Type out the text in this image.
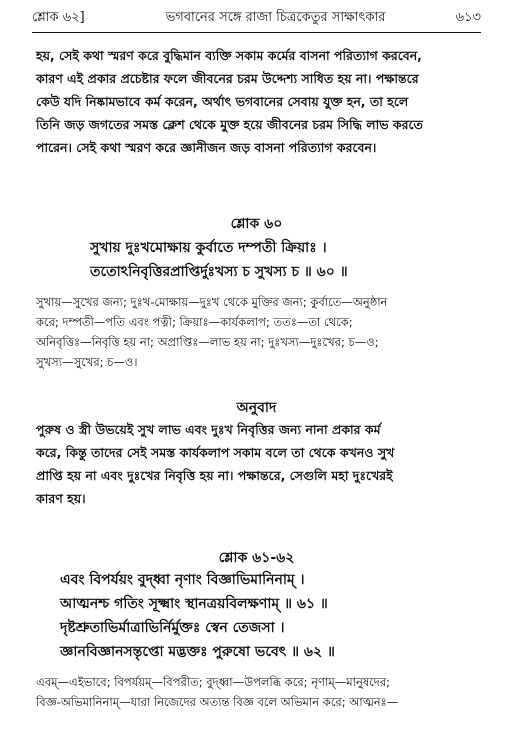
শ্লোক ৬২]	ভগবানের সঙ্গে রাজা চিত্রকেতুর সাক্ষাৎকার	৬১৩

হয়, সেই কথা স্মরণ করে বুদ্ধিমান ব্যক্তি সকাম কর্মের বাসনা পরিত্যাগ করবেন,
কারণ এই প্রকার প্রচেষ্টার ফলে জীবনের চরম উদ্দেশ্য সাধিত হয় না। পক্ষান্তরে
কেউ যদি নিষ্কামভাবে কর্ম করেন, অর্থাৎ ভগবানের সেবায় যুক্ত হন, তা হলে
তিনি জড় জগতের সমস্ত ক্লেশ থেকে মুক্ত হয়ে জীবনের চরম সিদ্ধি লাভ করতে
পারেন। সেই কথা স্মরণ করে জ্ঞানীজন জড় বাসনা পরিত্যাগ করবেন।

শ্লোক ৬০
সুখায় দুঃখমোক্ষায় কুর্বাতে দম্পতী ক্রিয়াঃ ।
ততোঽনিবৃত্তিরপ্রাপ্তির্দুঃখস্য চ সুখস্য চ ॥ ৬০ ॥

সুখায়—সুখের জন্য; দুঃখ-মোক্ষায়—দুঃখ থেকে মুক্তির জন্য; কুর্বাতে—অনুষ্ঠান
করে; দম্পতী—পতি এবং পত্নী; ক্রিয়াঃ—কার্যকলাপ; ততঃ—তা থেকে;
অনিবৃত্তিঃ—নিবৃত্তি হয় না; অপ্রাপ্তিঃ—লাভ হয় না; দুঃখস্য—দুঃখের; চ—ও;
সুখস্য—সুখের; চ—ও।

অনুবাদ

পুরুষ ও স্ত্রী উভয়েই সুখ লাভ এবং দুঃখ নিবৃত্তির জন্য নানা প্রকার কর্ম
করে, কিন্তু তাদের সেই সমস্ত কার্যকলাপ সকাম বলে তা থেকে কখনও সুখ
প্রাপ্তি হয় না এবং দুঃখের নিবৃত্তি হয় না। পক্ষান্তরে, সেগুলি মহা দুঃখেরই
কারণ হয়।

শ্লোক ৬১-৬২
এবং বিপর্যয়ং বুদ্ধ্বা নৃণাং বিজ্ঞাভিমানিনাম্ ।
আত্মনশ্চ গতিং সূক্ষ্মাং স্থানত্রয়বিলক্ষণাম্ ॥ ৬১ ॥
দৃষ্টশ্রুতাভির্মাত্রাভির্নির্মুক্তঃ স্বেন তেজসা ।
জ্ঞানবিজ্ঞানসন্তৃপ্তো মদ্ভক্তঃ পুরুষো ভবেৎ ॥ ৬২ ॥

এবম্—এইভাবে; বিপর্যয়ম্—বিপরীত; বুদ্ধ্বা—উপলব্ধি করে; নৃণাম্—মানুষদের;
বিজ্ঞ-অভিমানিনাম্—যারা নিজেদের অত্যন্ত বিজ্ঞ বলে অভিমান করে; আত্মনঃ—
